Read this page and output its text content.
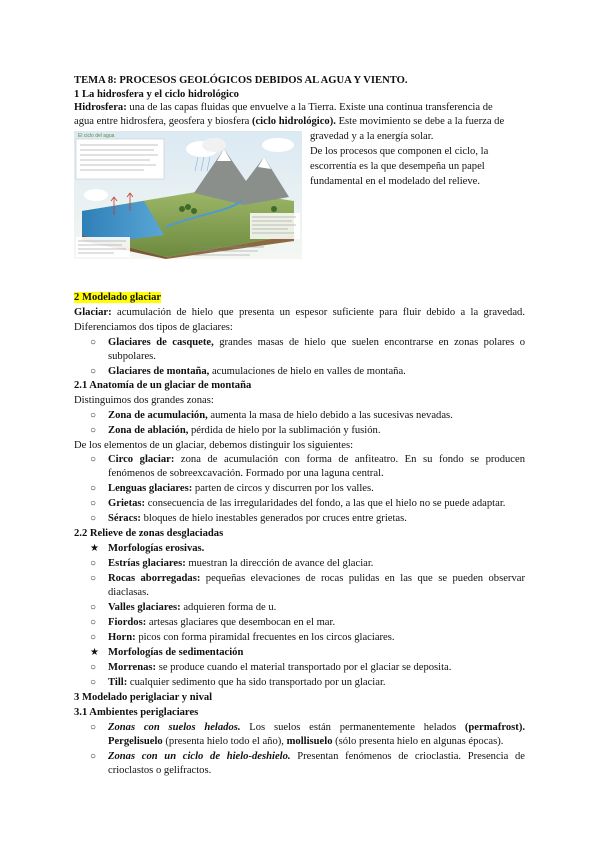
TEMA 8: PROCESOS GEOLÓGICOS DEBIDOS AL AGUA Y VIENTO.
1 La hidrosfera y el ciclo hidrológico
Hidrosfera: una de las capas fluidas que envuelve a la Tierra. Existe una continua transferencia de
agua entre hidrosfera, geosfera y biosfera (ciclo hidrológico). Este movimiento se debe a la fuerza de
gravedad y a la energía solar.
De los procesos que componen el ciclo, la
escorrentía es la que desempeña un papel
fundamental en el modelado del relieve.
El ciclo del agua
2 Modelado glaciar
Glaciar: acumulación de hielo que presenta un espesor suficiente para fluir debido a la gravedad.
Diferenciamos dos tipos de glaciares:
○ Glaciares de casquete, grandes masas de hielo que suelen encontrarse en zonas polares o
subpolares.
○ Glaciares de montaña, acumulaciones de hielo en valles de montaña.
2.1 Anatomía de un glaciar de montaña
Distinguimos dos grandes zonas:
○ Zona de acumulación, aumenta la masa de hielo debido a las sucesivas nevadas.
○ Zona de ablación, pérdida de hielo por la sublimación y fusión.
De los elementos de un glaciar, debemos distinguir los siguientes:
○ Circo glaciar: zona de acumulación con forma de anfiteatro. En su fondo se producen
fenómenos de sobreexcavación. Formado por una laguna central.
○ Lenguas glaciares: parten de circos y discurren por los valles.
○ Grietas: consecuencia de las irregularidades del fondo, a las que el hielo no se puede adaptar.
○ Séracs: bloques de hielo inestables generados por cruces entre grietas.
2.2 Relieve de zonas desglaciadas
★ Morfologías erosivas.
○ Estrías glaciares: muestran la dirección de avance del glaciar.
○ Rocas aborregadas: pequeñas elevaciones de rocas pulidas en las que se pueden observar
diaclasas.
○ Valles glaciares: adquieren forma de u.
○ Fiordos: artesas glaciares que desembocan en el mar.
○ Horn: picos con forma piramidal frecuentes en los circos glaciares.
★ Morfologías de sedimentación
○ Morrenas: se produce cuando el material transportado por el glaciar se deposita.
○ Till: cualquier sedimento que ha sido transportado por un glaciar.
3 Modelado periglaciar y nival
3.1 Ambientes periglaciares
○ Zonas con suelos helados. Los suelos están permanentemente helados (permafrost).
Pergelisuelo (presenta hielo todo el año), mollisuelo (sólo presenta hielo en algunas épocas).
○ Zonas con un ciclo de hielo-deshielo. Presentan fenómenos de crioclastia. Presencia de
crioclastos o gelifractos.
